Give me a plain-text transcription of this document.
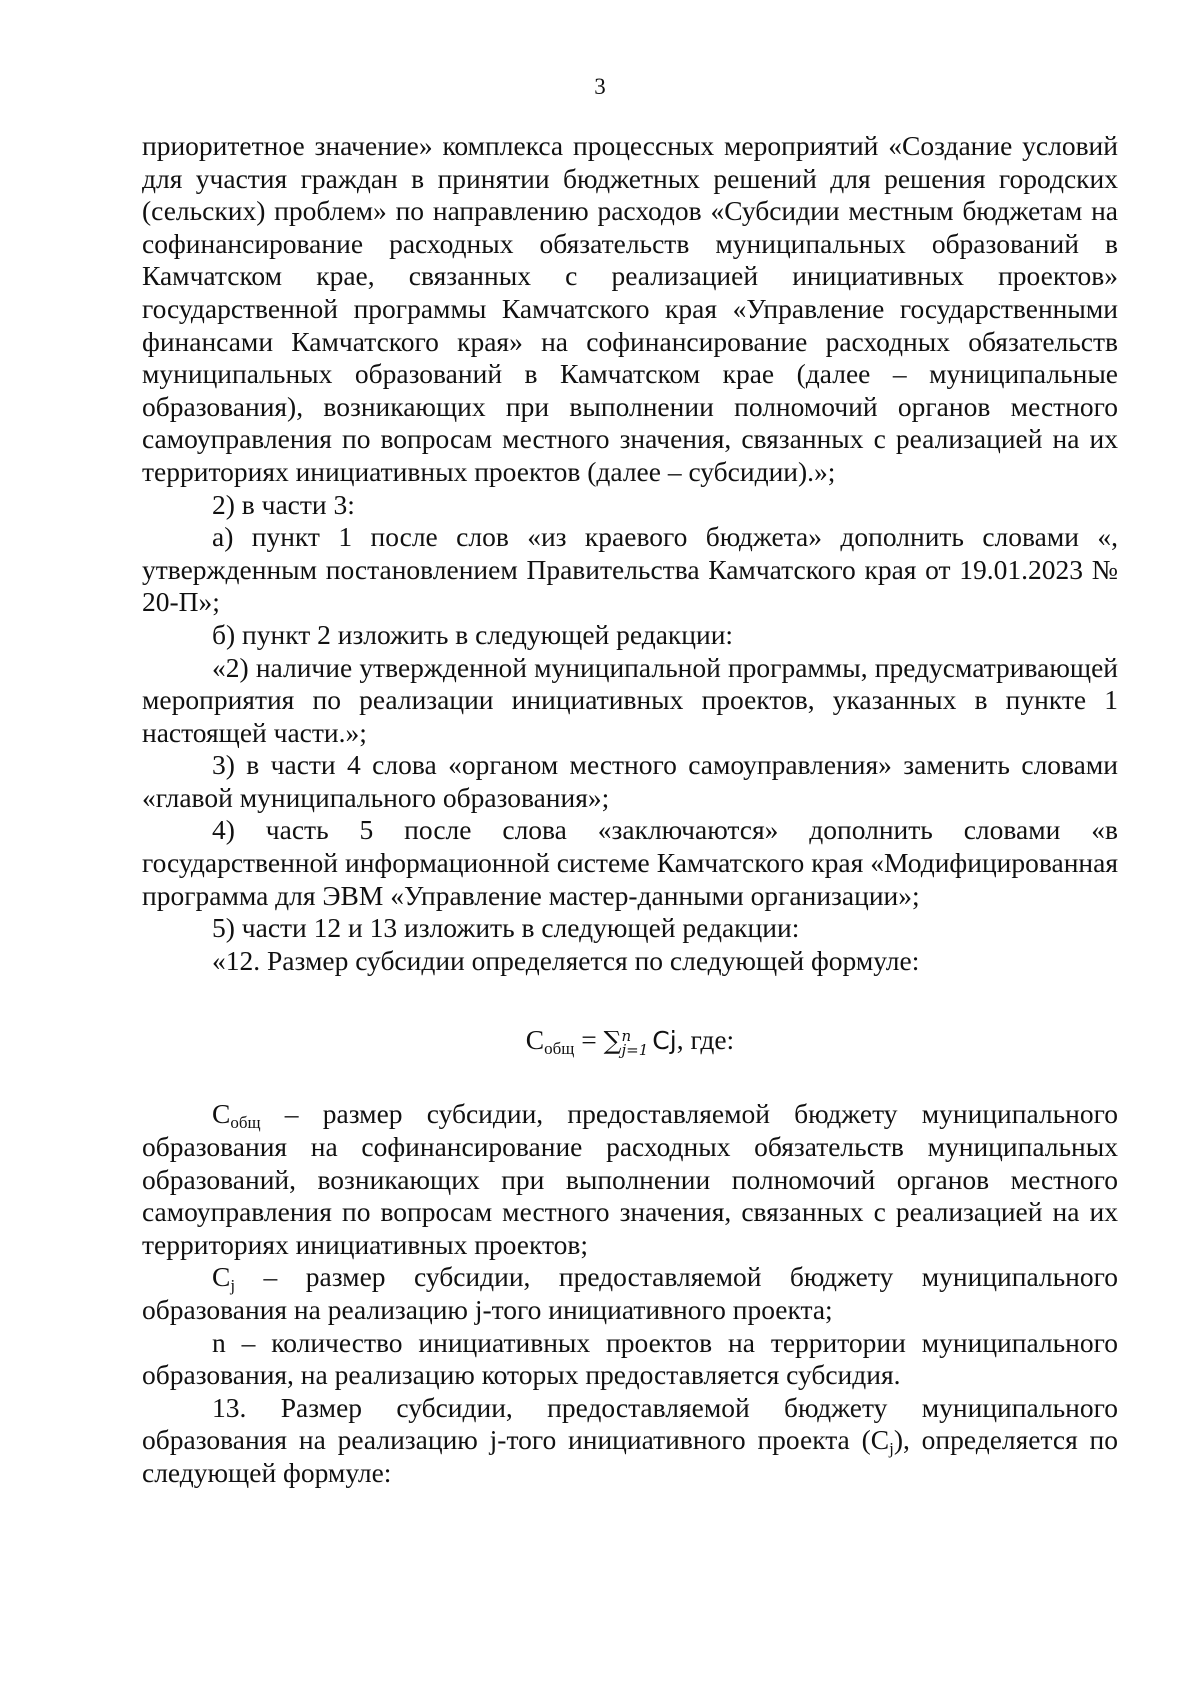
3

приоритетное значение» комплекса процессных мероприятий «Создание условий для участия граждан в принятии бюджетных решений для решения городских (сельских) проблем» по направлению расходов «Субсидии местным бюджетам на софинансирование расходных обязательств муниципальных образований в Камчатском крае, связанных с реализацией инициативных проектов» государственной программы Камчатского края «Управление государственными финансами Камчатского края» на софинансирование расходных обязательств муниципальных образований в Камчатском крае (далее – муниципальные образования), возникающих при выполнении полномочий органов местного самоуправления по вопросам местного значения, связанных с реализацией на их территориях инициативных проектов (далее – субсидии).»;

2) в части 3:

а) пункт 1 после слов «из краевого бюджета» дополнить словами «, утвержденным постановлением Правительства Камчатского края от 19.01.2023 № 20-П»;

б) пункт 2 изложить в следующей редакции:

«2) наличие утвержденной муниципальной программы, предусматривающей мероприятия по реализации инициативных проектов, указанных в пункте 1 настоящей части.»;

3) в части 4 слова «органом местного самоуправления» заменить словами «главой муниципального образования»;

4) часть 5 после слова «заключаются» дополнить словами «в государственной информационной системе Камчатского края «Модифицированная программа для ЭВМ «Управление мастер-данными организации»;

5) части 12 и 13 изложить в следующей редакции:

«12. Размер субсидии определяется по следующей формуле:

$С_{общ}$ = ∑ n
j=1 Cj, где:

$С_{общ}$ – размер субсидии, предоставляемой бюджету муниципального образования на софинансирование расходных обязательств муниципальных образований, возникающих при выполнении полномочий органов местного самоуправления по вопросам местного значения, связанных с реализацией на их территориях инициативных проектов;

$С_j$ – размер субсидии, предоставляемой бюджету муниципального образования на реализацию j-того инициативного проекта;

n – количество инициативных проектов на территории муниципального образования, на реализацию которых предоставляется субсидия.

13. Размер субсидии, предоставляемой бюджету муниципального образования на реализацию j-того инициативного проекта $(С_j)$, определяется по следующей формуле:
